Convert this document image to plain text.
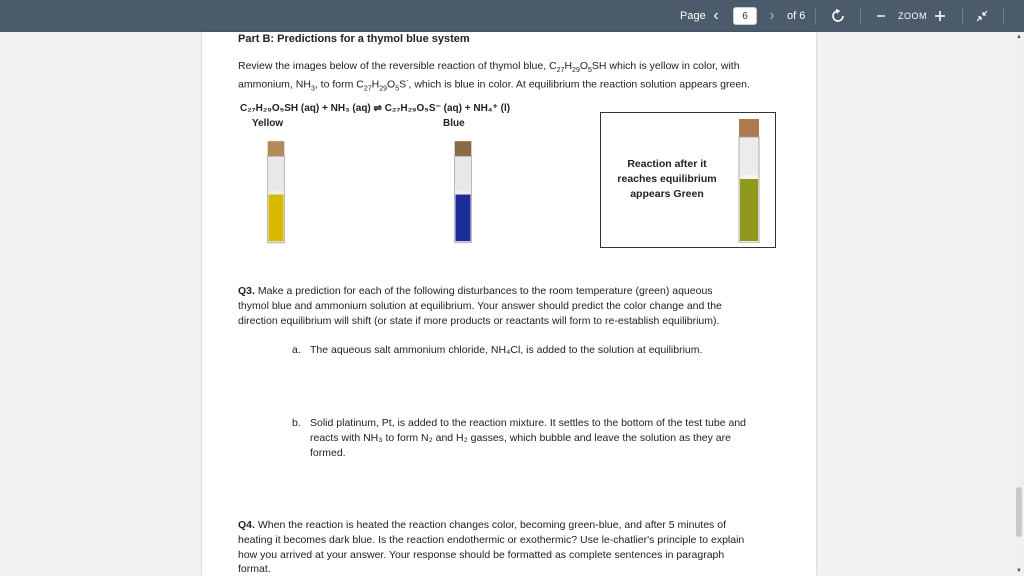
Page ‹
6	›	of 6	ZOOM
Part B: Predictions for a thymol blue system
Review the images below of the reversible reaction of thymol blue, $C_{27}H_{29}O_5SH$ which is yellow in color, with
ammonium, $NH_3$, to form $C_{27}H_{29}O_5S^-$, which is blue in color. At equilibrium the reaction solution appears green.
C₂₇H₂₉O₅SH (aq) + NH₃ (aq) ⇌ C₂₇H₂₉O₅S⁻ (aq) + NH₄⁺ (l)
Yellow	Blue
Reaction after it
reaches equilibrium
appears Green
Q3. Make a prediction for each of the following disturbances to the room temperature (green) aqueous
thymol blue and ammonium solution at equilibrium. Your answer should predict the color change and the
direction equilibrium will shift (or state if more products or reactants will form to re-establish equilibrium).
a. The aqueous salt ammonium chloride, NH₄Cl, is added to the solution at equilibrium.
b. Solid platinum, Pt, is added to the reaction mixture. It settles to the bottom of the test tube and
reacts with NH₃ to form N₂ and H₂ gasses, which bubble and leave the solution as they are
formed.
Q4. When the reaction is heated the reaction changes color, becoming green-blue, and after 5 minutes of
heating it becomes dark blue. Is the reaction endothermic or exothermic? Use le-chatlier's principle to explain
how you arrived at your answer. Your response should be formatted as complete sentences in paragraph
format.
▲
▼
